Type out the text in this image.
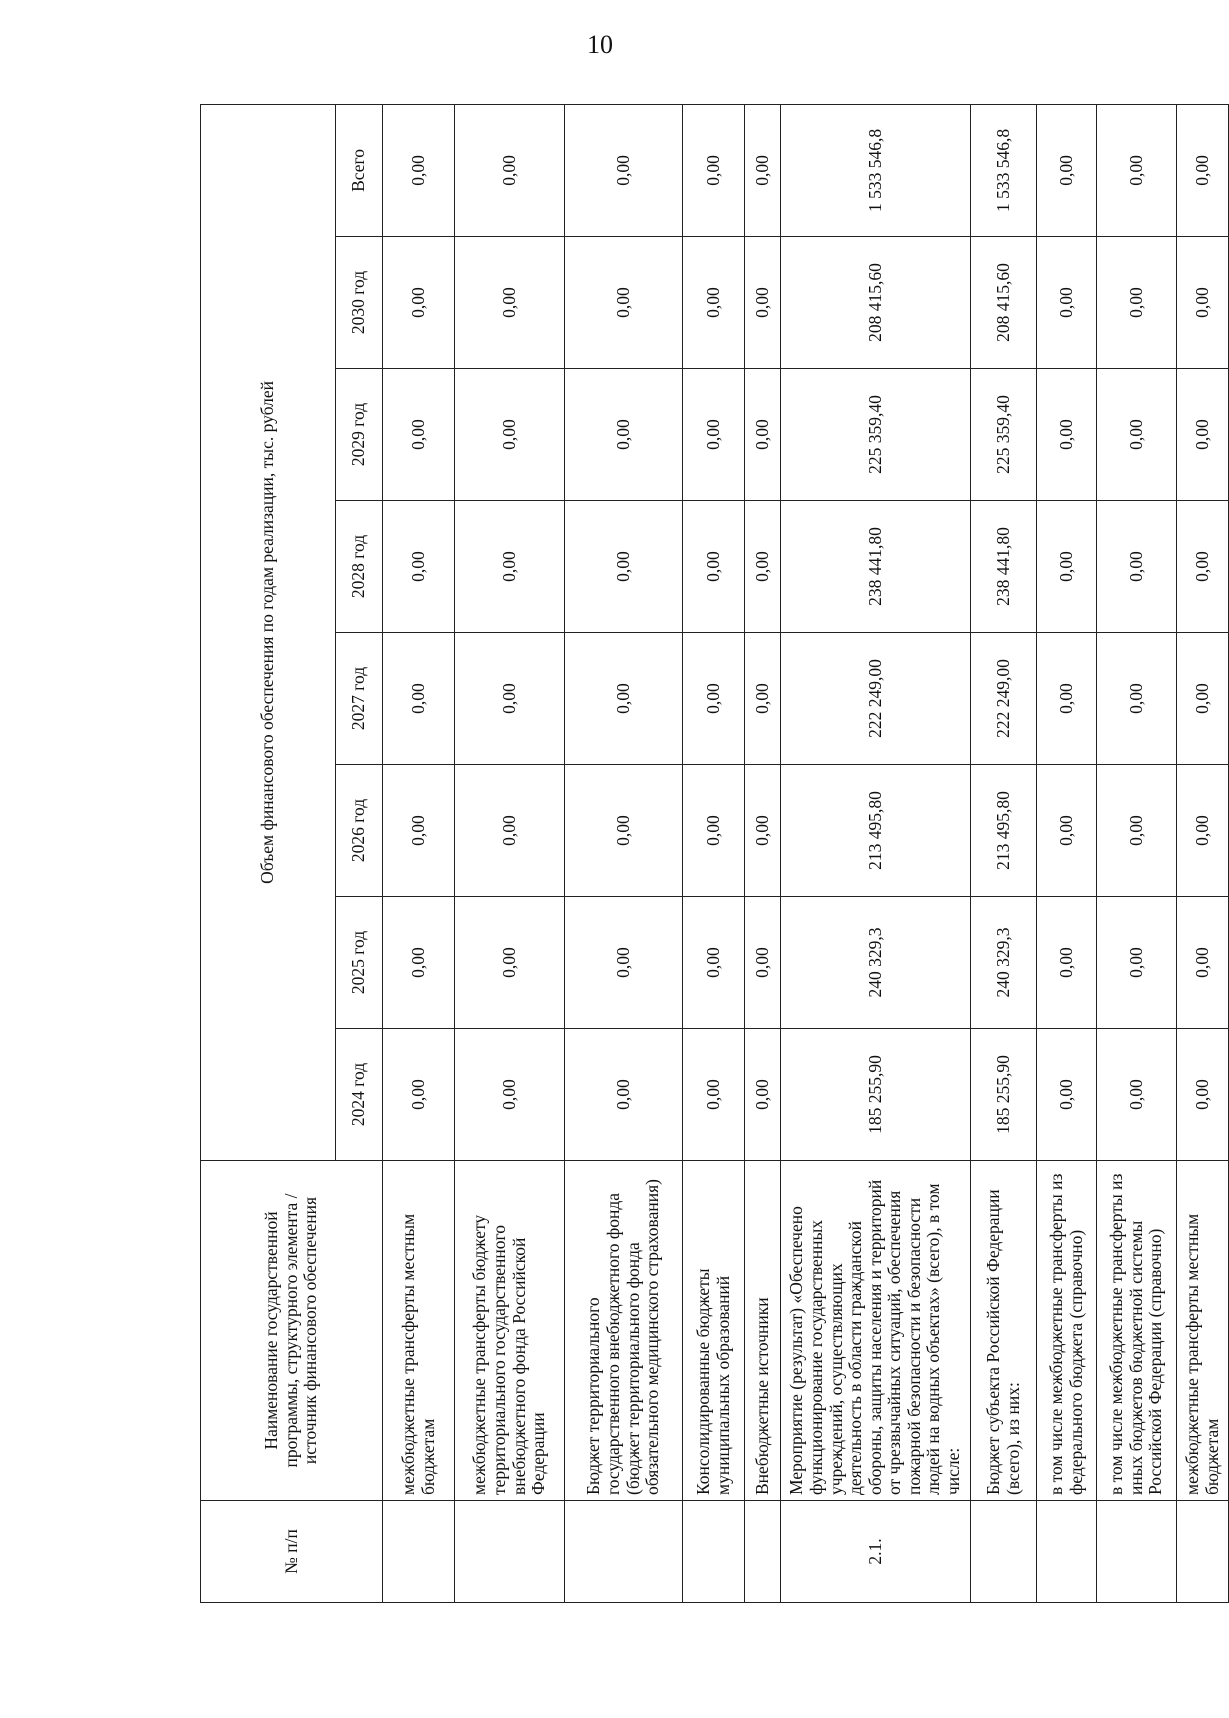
10
№ п/п	Наименование государственной программы, структурного элемента / источник финансового обеспечения	Объем финансового обеспечения по годам реализации, тыс. рублей							
		2024 год	2025 год	2026 год	2027 год	2028 год	2029 год	2030 год	Всего
	межбюджетные трансферты местным бюджетам	0,00	0,00	0,00	0,00	0,00	0,00	0,00	0,00
	межбюджетные трансферты бюджету территориального государственного внебюджетного фонда Российской Федерации	0,00	0,00	0,00	0,00	0,00	0,00	0,00	0,00
	Бюджет территориального государственного внебюджетного фонда (бюджет территориального фонда обязательного медицинского страхования)	0,00	0,00	0,00	0,00	0,00	0,00	0,00	0,00
	Консолидированные бюджеты муниципальных образований	0,00	0,00	0,00	0,00	0,00	0,00	0,00	0,00
	Внебюджетные источники	0,00	0,00	0,00	0,00	0,00	0,00	0,00	0,00
2.1.	Мероприятие (результат) «Обеспечено функционирование государственных учреждений, осуществляющих деятельность в области гражданской обороны, защиты населения и территорий от чрезвычайных ситуаций, обеспечения пожарной безопасности и безопасности людей на водных объектах» (всего), в том числе:	185 255,90	240 329,3	213 495,80	222 249,00	238 441,80	225 359,40	208 415,60	1 533 546,8
	Бюджет субъекта Российской Федерации (всего), из них:	185 255,90	240 329,3	213 495,80	222 249,00	238 441,80	225 359,40	208 415,60	1 533 546,8
	в том числе межбюджетные трансферты из федерального бюджета (справочно)	0,00	0,00	0,00	0,00	0,00	0,00	0,00	0,00
	в том числе межбюджетные трансферты из иных бюджетов бюджетной системы Российской Федерации (справочно)	0,00	0,00	0,00	0,00	0,00	0,00	0,00	0,00
	межбюджетные трансферты местным бюджетам	0,00	0,00	0,00	0,00	0,00	0,00	0,00	0,00
